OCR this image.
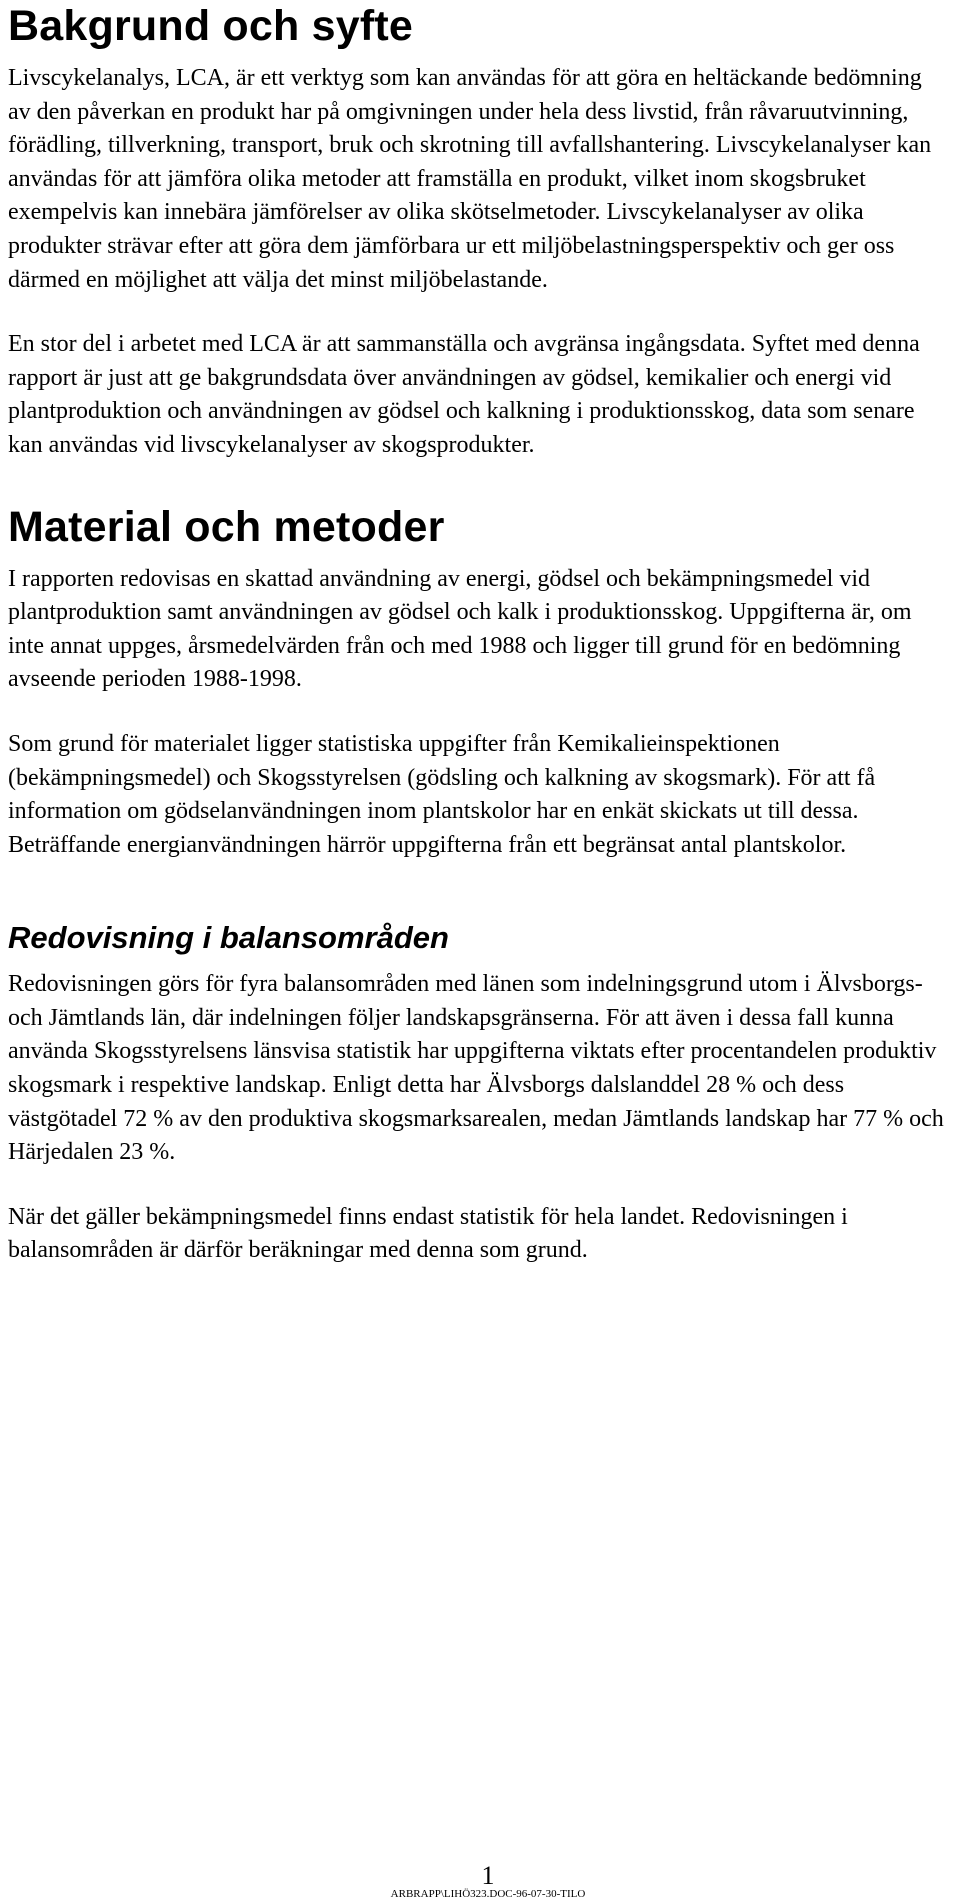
Bakgrund och syfte

Livscykelanalys, LCA, är ett verktyg som kan användas för att göra en heltäckande bedömning av den påverkan en produkt har på omgivningen under hela dess livstid, från råvaruutvinning, förädling, tillverkning, transport, bruk och skrotning till avfallshantering. Livscykelanalyser kan användas för att jämföra olika metoder att framställa en produkt, vilket inom skogsbruket exempelvis kan innebära jämförelser av olika skötselmetoder. Livscykelanalyser av olika produkter strävar efter att göra dem jämförbara ur ett miljöbelastningsperspektiv och ger oss därmed en möjlighet att välja det minst miljöbelastande.

En stor del i arbetet med LCA är att sammanställa och avgränsa ingångsdata. Syftet med denna rapport är just att ge bakgrundsdata över användningen av gödsel, kemikalier och energi vid plantproduktion och användningen av gödsel och kalkning i produktionsskog, data som senare kan användas vid livscykelanalyser av skogsprodukter.

Material och metoder

I rapporten redovisas en skattad användning av energi, gödsel och bekämpningsmedel vid plantproduktion samt användningen av gödsel och kalk i produktionsskog. Uppgifterna är, om inte annat uppges, årsmedelvärden från och med 1988 och ligger till grund för en bedömning avseende perioden 1988-1998.

Som grund för materialet ligger statistiska uppgifter från Kemikalieinspektionen (bekämpningsmedel) och Skogsstyrelsen (gödsling och kalkning av skogsmark). För att få information om gödselanvändningen inom plantskolor har en enkät skickats ut till dessa. Beträffande energianvändningen härrör uppgifterna från ett begränsat antal plantskolor.

Redovisning i balansområden

Redovisningen görs för fyra balansområden med länen som indelningsgrund utom i Älvsborgs- och Jämtlands län, där indelningen följer landskapsgränserna. För att även i dessa fall kunna använda Skogsstyrelsens länsvisa statistik har uppgifterna viktats efter procentandelen produktiv skogsmark i respektive landskap. Enligt detta har Älvsborgs dalslanddel 28 % och dess västgötadel 72 % av den produktiva skogsmarksarealen, medan Jämtlands landskap har 77 % och Härjedalen 23 %.

När det gäller bekämpningsmedel finns endast statistik för hela landet. Redovisningen i balansområden är därför beräkningar med denna som grund.

1
ARBRAPP\LIHÖ323.DOC-96-07-30-TILO
